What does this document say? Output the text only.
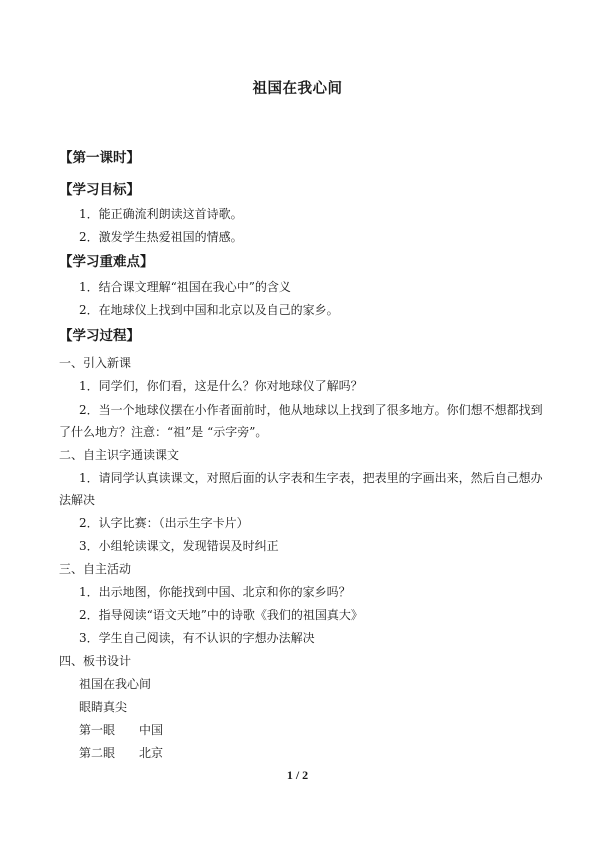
祖国在我心间
【第一课时】
【学习目标】
1．能正确流利朗读这首诗歌。
2．激发学生热爱祖国的情感。
【学习重难点】
1．结合课文理解“祖国在我心中”的含义
2．在地球仪上找到中国和北京以及自己的家乡。
【学习过程】
一、引入新课
1．同学们，你们看，这是什么？你对地球仪了解吗？
2．当一个地球仪摆在小作者面前时，他从地球以上找到了很多地方。你们想不想都找到
了什么地方？注意：“祖”是 “示字旁”。
二、自主识字通读课文
1．请同学认真读课文，对照后面的认字表和生字表，把表里的字画出来，然后自己想办
法解决
2．认字比赛：（出示生字卡片）
3．小组轮读课文，发现错误及时纠正
三、自主活动
1．出示地图，你能找到中国、北京和你的家乡吗？
2．指导阅读“语文天地”中的诗歌《我们的祖国真大》
3．学生自己阅读，有不认识的字想办法解决
四、板书设计
祖国在我心间
眼睛真尖
第一眼 中国
第二眼 北京
1 / 2
